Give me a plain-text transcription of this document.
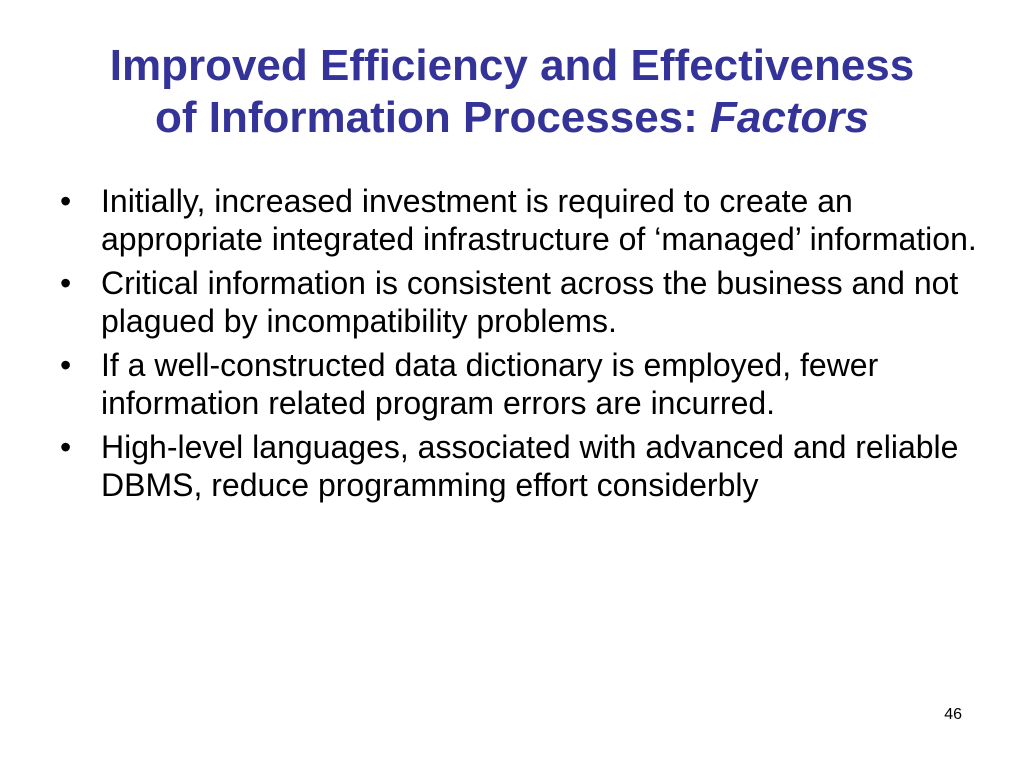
Improved Efficiency and Effectiveness
of Information Processes: Factors
• Initially, increased investment is required to create an appropriate integrated infrastructure of ‘managed’ information.
• Critical information is consistent across the business and not plagued by incompatibility problems.
• If a well-constructed data dictionary is employed, fewer information related program errors are incurred.
• High-level languages, associated with advanced and reliable DBMS, reduce programming effort considerbly
46
